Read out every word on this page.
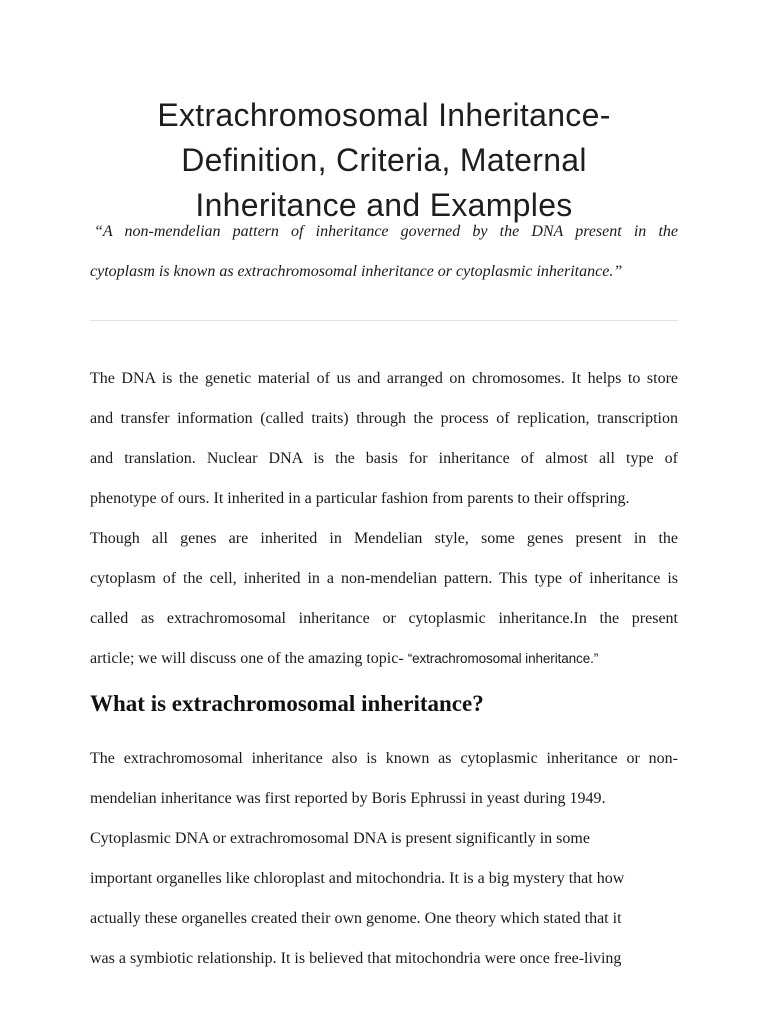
Extrachromosomal Inheritance-
Definition, Criteria, Maternal
Inheritance and Examples

“A non-mendelian pattern of inheritance governed by the DNA present in the
cytoplasm is known as extrachromosomal inheritance or cytoplasmic inheritance.”

The DNA is the genetic material of us and arranged on chromosomes. It helps to store
and transfer information (called traits) through the process of replication, transcription
and translation. Nuclear DNA is the basis for inheritance of almost all type of
phenotype of ours. It inherited in a particular fashion from parents to their offspring.
Though all genes are inherited in Mendelian style, some genes present in the
cytoplasm of the cell, inherited in a non-mendelian pattern. This type of inheritance is
called as extrachromosomal inheritance or cytoplasmic inheritance.In the present
article; we will discuss one of the amazing topic- “extrachromosomal inheritance.”

What is extrachromosomal inheritance?

The extrachromosomal inheritance also is known as cytoplasmic inheritance or non-
mendelian inheritance was first reported by Boris Ephrussi in yeast during 1949.
Cytoplasmic DNA or extrachromosomal DNA is present significantly in some
important organelles like chloroplast and mitochondria. It is a big mystery that how
actually these organelles created their own genome. One theory which stated that it
was a symbiotic relationship. It is believed that mitochondria were once free-living
